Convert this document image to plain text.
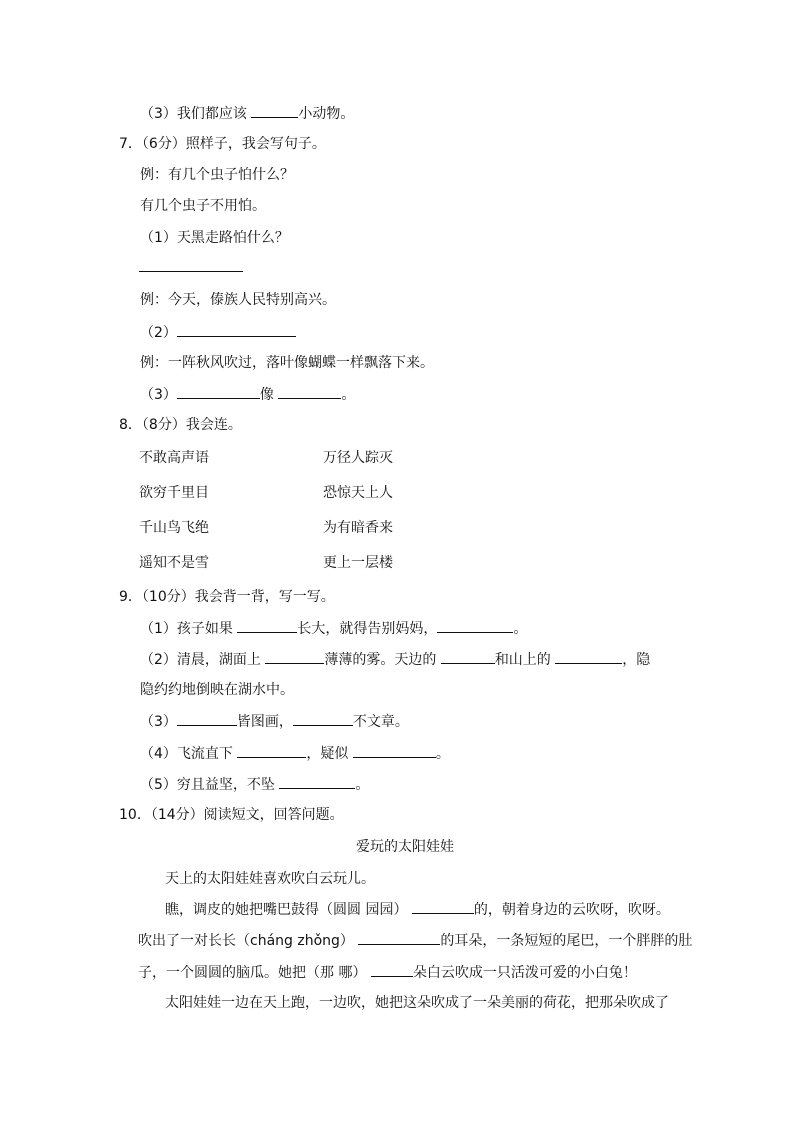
（3）我们都应该	小动物。
7．（6分）照样子，我会写句子。
例：有几个虫子怕什么？
有几个虫子不用怕。
（1）天黑走路怕什么？
例：今天，傣族人民特别高兴。
（2）
例：一阵秋风吹过，落叶像蝴蝶一样飘落下来。
（3）	像	。
8．（8分）我会连。
不敢高声语	万径人踪灭
欲穷千里目	恐惊天上人
千山鸟飞绝	为有暗香来
遥知不是雪	更上一层楼
9．（10分）我会背一背，写一写。
（1）孩子如果	长大，就得告别妈妈，	。
（2）清晨，湖面上	薄薄的雾。天边的	和山上的	，隐
隐约约地倒映在湖水中。
（3）	皆图画，	不文章。
（4）飞流直下	，疑似	。
（5）穷且益坚，不坠	。
10．（14分）阅读短文，回答问题。
爱玩的太阳娃娃
天上的太阳娃娃喜欢吹白云玩儿。
瞧，调皮的她把嘴巴鼓得（圆圆 园园）	的，朝着身边的云吹呀，吹呀。
吹出了一对长长（cháng zhǒng）	的耳朵，一条短短的尾巴，一个胖胖的肚
子，一个圆圆的脑瓜。她把（那 哪）	朵白云吹成一只活泼可爱的小白兔！
太阳娃娃一边在天上跑，一边吹，她把这朵吹成了一朵美丽的荷花，把那朵吹成了
